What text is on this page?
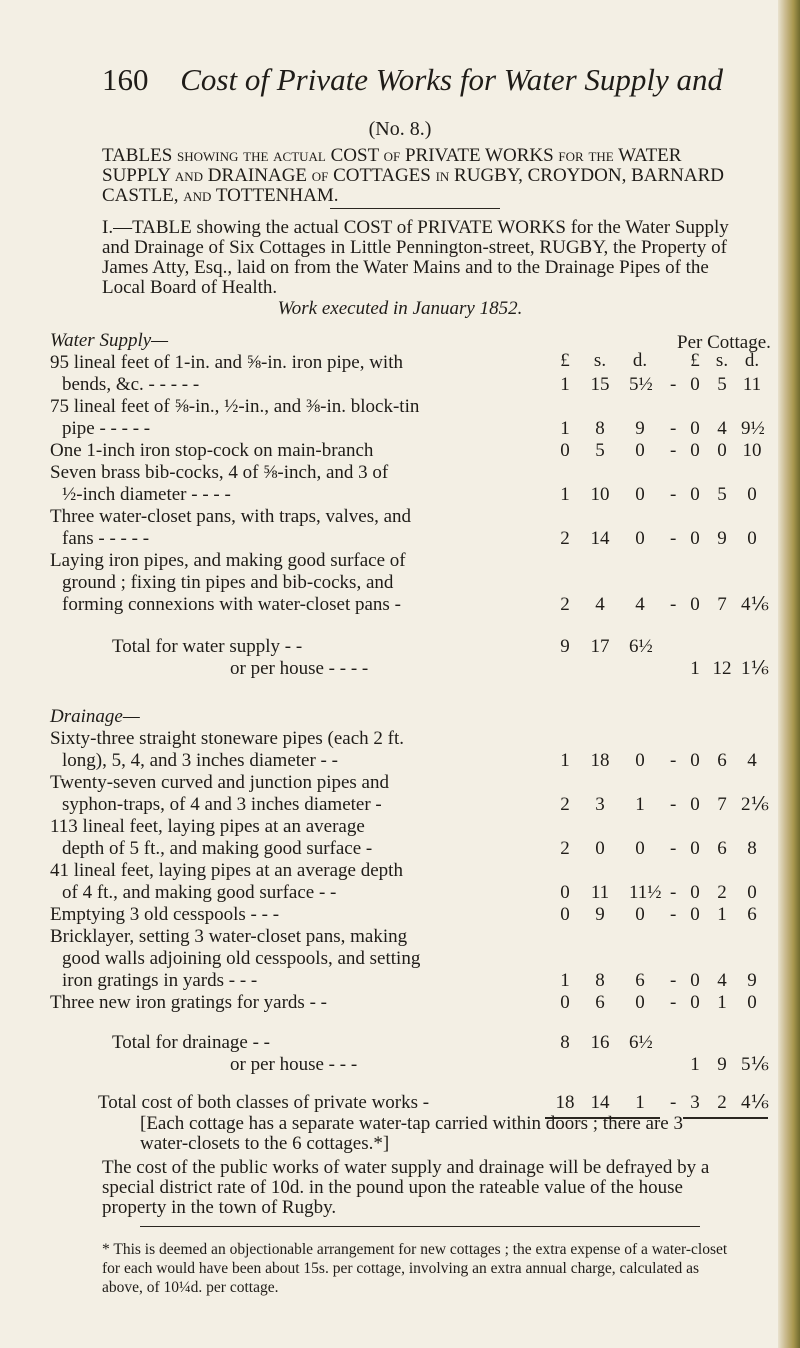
160 Cost of Private Works for Water Supply and
(No. 8.)
TABLES showing the actual COST of PRIVATE WORKS for the WATER SUPPLY and DRAINAGE of COTTAGES in RUGBY, CROYDON, BARNARD CASTLE, and TOTTENHAM.
I.—TABLE showing the actual COST of PRIVATE WORKS for the Water Supply and Drainage of Six Cottages in Little Pennington-street, RUGBY, the Property of James Atty, Esq., laid on from the Water Mains and to the Drainage Pipes of the Local Board of Health.
Work executed in January 1852.
Water Supply—	Per Cottage.
£	s. d.	£ s. d.
95 lineal feet of 1-in. and ⅝-in. iron pipe, with
bends, &c. - - - - -	1	15 5½ - 0 5 11
75 lineal feet of ⅝-in., ½-in., and ⅜-in. block-tin
pipe - - - - -	1	8	9	- 0 4 9½
One 1-inch iron stop-cock on main-branch	0	5	0	- 0 0 10
Seven brass bib-cocks, 4 of ⅝-inch, and 3 of
½-inch diameter - - - -	1	10	0	- 0 5	0
Three water-closet pans, with traps, valves, and
fans - - - - -	2	14	0	- 0 9	0
Laying iron pipes, and making good surface of
ground ; fixing tin pipes and bib-cocks, and
forming connexions with water-closet pans -	2	4	4	- 0 7 4⅙
Total for water supply - -	9	17 6½
or per house - - - -	1 12 1⅙
Drainage—
Sixty-three straight stoneware pipes (each 2 ft.
long), 5, 4, and 3 inches diameter - -	1	18	0	- 0 6	4
Twenty-seven curved and junction pipes and
syphon-traps, of 4 and 3 inches diameter -	2	3	1	- 0 7 2⅙
113 lineal feet, laying pipes at an average
depth of 5 ft., and making good surface -	2	0	0	- 0 6	8
41 lineal feet, laying pipes at an average depth
of 4 ft., and making good surface - -	0	11 11½ - 0 2	0
Emptying 3 old cesspools - - -	0	9	0	- 0 1	6
Bricklayer, setting 3 water-closet pans, making
good walls adjoining old cesspools, and setting
iron gratings in yards - - -	1	8	6	- 0 4	9
Three new iron gratings for yards - -	0	6	0	- 0 1	0
Total for drainage - -	8	16 6½
or per house - - -	1 9 5⅙
Total cost of both classes of private works -	18 14	1	- 3 2 4⅙
[Each cottage has a separate water-tap carried within doors ; there are 3 water-closets to the 6 cottages.*]
The cost of the public works of water supply and drainage will be defrayed by a special district rate of 10d. in the pound upon the rateable value of the house property in the town of Rugby.
* This is deemed an objectionable arrangement for new cottages ; the extra expense of a water-closet for each would have been about 15s. per cottage, involving an extra annual charge, calculated as above, of 10¼d. per cottage.
